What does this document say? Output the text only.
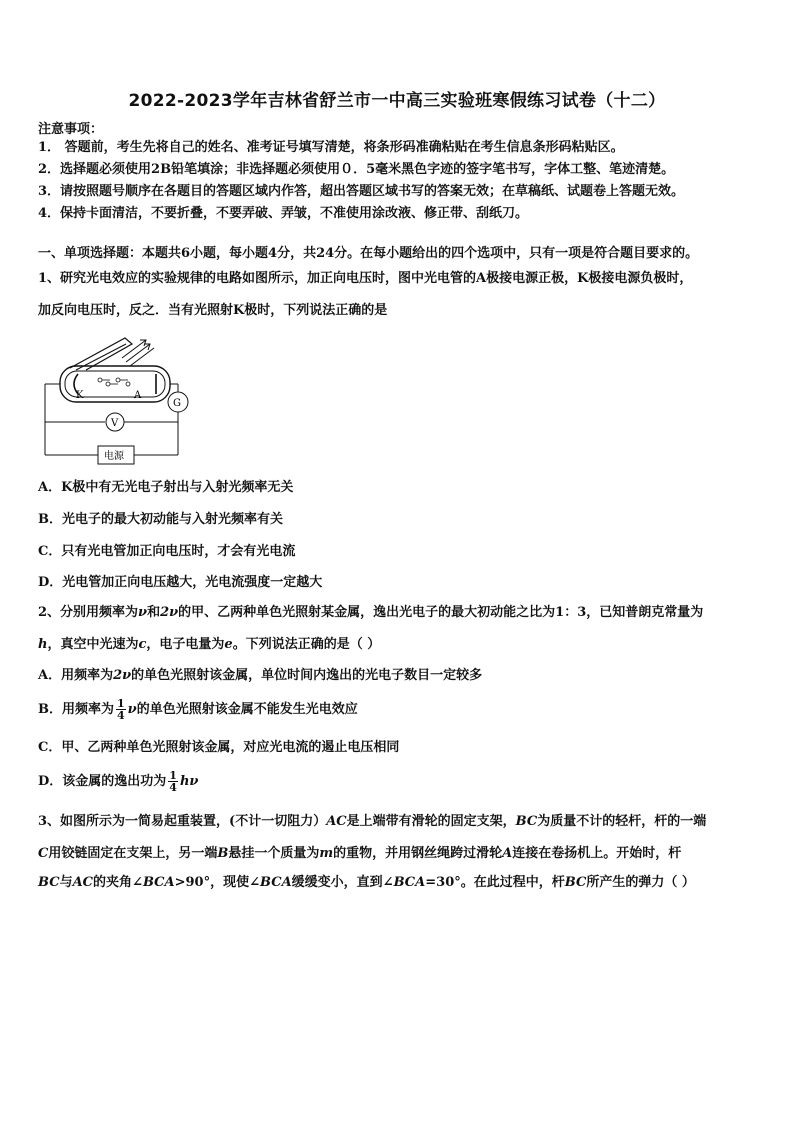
2022-2023学年吉林省舒兰市一中高三实验班寒假练习试卷（十二）
注意事项：
1． 答题前，考生先将自己的姓名、准考证号填写清楚，将条形码准确粘贴在考生信息条形码粘贴区。
2．选择题必须使用2B铅笔填涂；非选择题必须使用０．5毫米黑色字迹的签字笔书写，字体工整、笔迹清楚。
3．请按照题号顺序在各题目的答题区域内作答，超出答题区域书写的答案无效；在草稿纸、试题卷上答题无效。
4．保持卡面清洁，不要折叠，不要弄破、弄皱，不准使用涂改液、修正带、刮纸刀。
一、单项选择题：本题共6小题，每小题4分，共24分。在每小题给出的四个选项中，只有一项是符合题目要求的。
1、研究光电效应的实验规律的电路如图所示，加正向电压时，图中光电管的A极接电源正极，K极接电源负极时，
加反向电压时，反之．当有光照射K极时，下列说法正确的是
K	A
G
V
电源
A．K极中有无光电子射出与入射光频率无关
B．光电子的最大初动能与入射光频率有关
C．只有光电管加正向电压时，才会有光电流
D．光电管加正向电压越大，光电流强度一定越大
2、分别用频率为ν和2ν的甲、乙两种单色光照射某金属，逸出光电子的最大初动能之比为1：3，已知普朗克常量为
h，真空中光速为c，电子电量为e。下列说法正确的是（ ）
A．用频率为2ν的单色光照射该金属，单位时间内逸出的光电子数目一定较多
B．用频率为 $\frac{1}{4}$ ν的单色光照射该金属不能发生光电效应
C．甲、乙两种单色光照射该金属，对应光电流的遏止电压相同
D．该金属的逸出功为 $\frac{1}{4}$ hν
3、如图所示为一简易起重装置，(不计一切阻力）AC是上端带有滑轮的固定支架，BC为质量不计的轻杆，杆的一端
C用铰链固定在支架上，另一端B悬挂一个质量为m的重物，并用钢丝绳跨过滑轮A连接在卷扬机上。开始时，杆
BC与AC的夹角∠BCA>90°，现使∠BCA缓缓变小，直到∠BCA=30°。在此过程中，杆BC所产生的弹力（ ）
